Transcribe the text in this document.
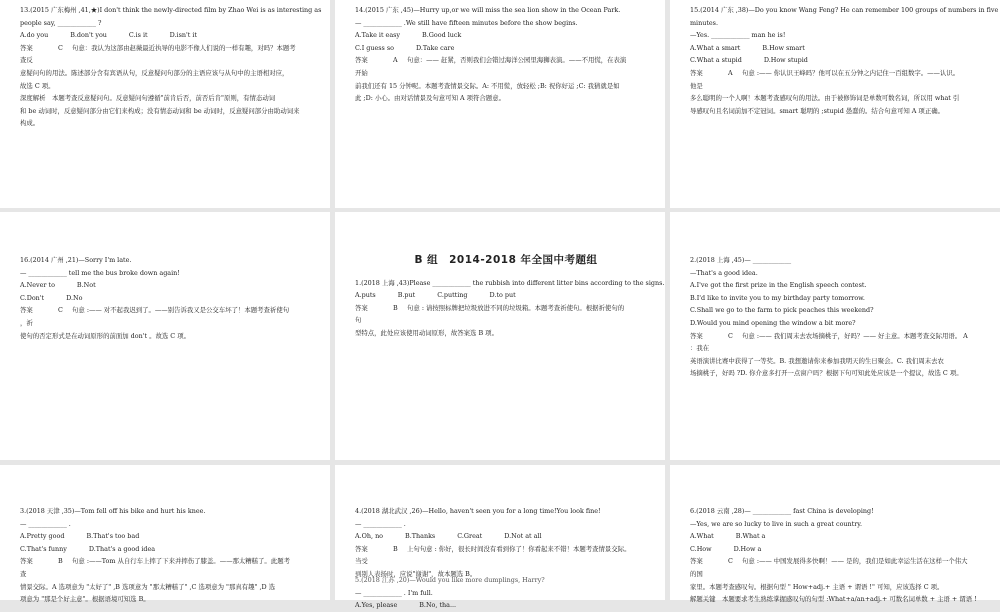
13.(2015 广东梅州 ,41,★)I don't think the newly-directed film by Zhao Wei is as interesting as
people say, ____________ ?
A.do you	B.don't you	C.is it	D.isn't it
答案	C	句意：我认为这部由赵薇最近执导的电影不像人们说的一样有趣，对吗？本题考
查反
意疑问句的用法。陈述部分含有宾语从句，反意疑问句部分的主语应该与从句中的主语相对应，
故选 C 项。
深度解析　本题考查反意疑问句。反意疑问句遵循"前肯后否，前否后肯"原则，有情态动词
和 be 动词时，反意疑问部分由它们来构成；没有情态动词和 be 动词时，反意疑问部分由助动词来
构成。
14.(2015 广东 ,45)—Hurry up,or we will miss the sea lion show in the Ocean Park.
— ____________ .We still have fifteen minutes before the show begins.
A.Take it easy	B.Good luck
C.I guess so	D.Take care
答案	A	句意：—— 赶紧，否则我们会错过海洋公园里海狮表演。——不用慌，在表演
开始
前我们还有 15 分钟呢。本题考查情景交际。A: 不用慌，放轻松 ;B: 祝你好运 ;C: 我猜就是如
此 ;D: 小心。由对话情景及句意可知 A 项符合题意。
15.(2014 广东 ,38)—Do you know Wang Feng? He can remember 100 groups of numbers in five
minutes.
—Yes. ____________ man he is!
A.What a smart	B.How smart
C.What a stupid	D.How stupid
答案	A	句意 :—— 你认识王峰吗？他可以在五分钟之内记住一百组数字。——认识。
他是
多么聪明的一个人啊！本题考查感叹句的用法。由于被修饰词是单数可数名词，所以用 what 引
导感叹句且名词前加不定冠词。smart 聪明的 ;stupid 愚蠢的。结合句意可知 A 项正确。
16.(2014 广州 ,21)—Sorry I'm late.
— ____________ tell me the bus broke down again!
A.Never to	B.Not
C.Don't	D.No
答案	C	句意 :—— 对不起我迟到了。——别告诉我又是公交车坏了！本题考查祈使句
，祈
使句的否定形式是在动词原形的前面加 don't 。故选 C 项。
B 组　2014-2018 年全国中考题组
1.(2018 上海 ,43)Please ____________ the rubbish into different litter bins according to the signs.
A.puts	B.put	C.putting	D.to put
答案	B	句意 : 请按照标牌把垃圾放进不同的垃圾箱。本题考查祈使句。根据祈使句的
句
型特点，此处应该使用动词原形，故答案选 B 项。
2.(2018 上海 ,45)— ____________
—That's a good idea.
A.I've got the first prize in the English speech contest.
B.I'd like to invite you to my birthday party tomorrow.
C.Shall we go to the farm to pick peaches this weekend?
D.Would you mind opening the window a bit more?
答案	C	句意 :—— 我们周末去农场摘桃子，好吗？—— 好主意。本题考查交际用语。 A
：我在
英语演讲比赛中获得了一等奖。B. 我想邀请你来参加我明天的生日聚会。C. 我们周末去农
场摘桃子，好吗 ?D. 你介意多打开一点窗户吗？根据下句可知此处应该是一个提议，故选 C 项。
3.(2018 天津 ,35)—Tom fell off his bike and hurt his knee.
— ____________ .
A.Pretty good	B.That's too bad
C.That's funny	D.That's a good idea
答案	B	句意 :——Tom 从自行车上摔了下来并摔伤了膝盖。——那太糟糕了。此题考
查
情景交际。A 选项意为 "太好了" ,B 选项意为 "那太糟糕了" ,C 选项意为 "那真有趣" ,D 选
项意为 "那是个好主意"。根据语境可知选 B。
4.(2018 湖北武汉 ,26)—Hello, haven't seen you for a long time!You look fine!
— ____________ .
A.Oh, no	B.Thanks	C.Great	D.Not at all
答案	B	上句句意 : 你好，很长时间没有看到你了！你看起来不错！本题考查情景交际。
当受
到别人表扬时，应说"谢谢"，故本题选 B。
5.(2018 江苏 ,20)—Would you like more dumplings, Harry?
— ____________ . I'm full.
A.Yes, please	B.No, tha...
6.(2018 云南 ,28)— ____________ fast China is developing!
—Yes, we are so lucky to live in such a great country.
A.What	B.What a
C.How	D.How a
答案	C	句意 :—— 中国发展得多快啊！—— 是的，我们是如此幸运生活在这样一个伟大
的国
家里。本题考查感叹句。根据句型 " How+adj.+ 主语 + 谓语 !" 可知，应该选择 C 项。
解题关键　本题要求考生熟练掌握感叹句的句型 :What+a/an+adj.+ 可数名词单数 + 主语 + 谓语 !
